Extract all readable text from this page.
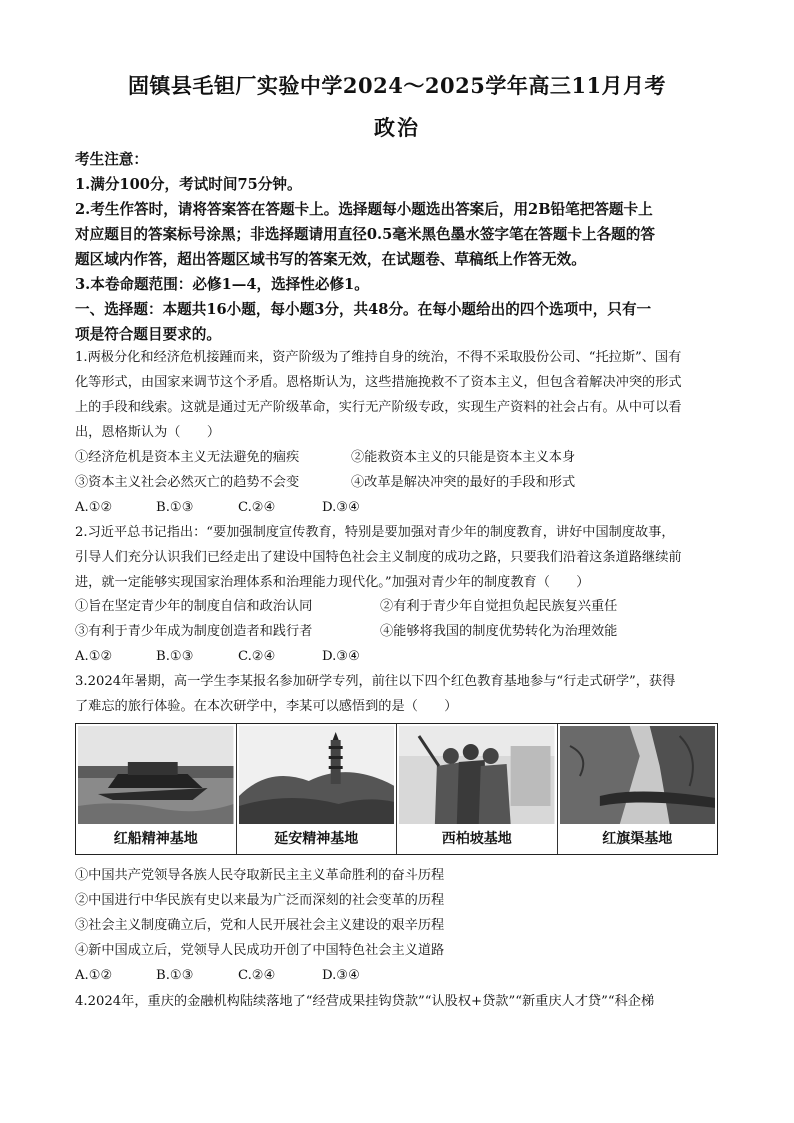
固镇县毛钽厂实验中学2024～2025学年高三11月月考
政治
考生注意：
1.满分100分，考试时间75分钟。
2.考生作答时，请将答案答在答题卡上。选择题每小题选出答案后，用2B铅笔把答题卡上
对应题目的答案标号涂黑；非选择题请用直径0.5毫米黑色墨水签字笔在答题卡上各题的答
题区域内作答，超出答题区域书写的答案无效，在试题卷、草稿纸上作答无效。
3.本卷命题范围：必修1—4，选择性必修1。
一、选择题：本题共16小题，每小题3分，共48分。在每小题给出的四个选项中，只有一
项是符合题目要求的。
1.两极分化和经济危机接踵而来，资产阶级为了维持自身的统治，不得不采取股份公司、“托拉斯”、国有
化等形式，由国家来调节这个矛盾。恩格斯认为，这些措施挽救不了资本主义，但包含着解决冲突的形式
上的手段和线索。这就是通过无产阶级革命，实行无产阶级专政，实现生产资料的社会占有。从中可以看
出，恩格斯认为（　　）
①经济危机是资本主义无法避免的痼疾	②能救资本主义的只能是资本主义本身
③资本主义社会必然灭亡的趋势不会变	④改革是解决冲突的最好的手段和形式
A.①②	B.①③	C.②④	D.③④
2.习近平总书记指出：“要加强制度宣传教育，特别是要加强对青少年的制度教育，讲好中国制度故事，
引导人们充分认识我们已经走出了建设中国特色社会主义制度的成功之路，只要我们沿着这条道路继续前
进，就一定能够实现国家治理体系和治理能力现代化。”加强对青少年的制度教育（　　）
①旨在坚定青少年的制度自信和政治认同	②有利于青少年自觉担负起民族复兴重任
③有利于青少年成为制度创造者和践行者	④能够将我国的制度优势转化为治理效能
A.①②	B.①③	C.②④	D.③④
3.2024年暑期，高一学生李某报名参加研学专列，前往以下四个红色教育基地参与“行走式研学”，获得
了难忘的旅行体验。在本次研学中，李某可以感悟到的是（　　）
红船精神基地	延安精神基地	西柏坡基地	红旗渠基地
①中国共产党领导各族人民夺取新民主主义革命胜利的奋斗历程
②中国进行中华民族有史以来最为广泛而深刻的社会变革的历程
③社会主义制度确立后，党和人民开展社会主义建设的艰辛历程
④新中国成立后，党领导人民成功开创了中国特色社会主义道路
A.①②	B.①③	C.②④	D.③④
4.2024年，重庆的金融机构陆续落地了“经营成果挂钩贷款”“认股权+贷款”“新重庆人才贷”“科企梯
